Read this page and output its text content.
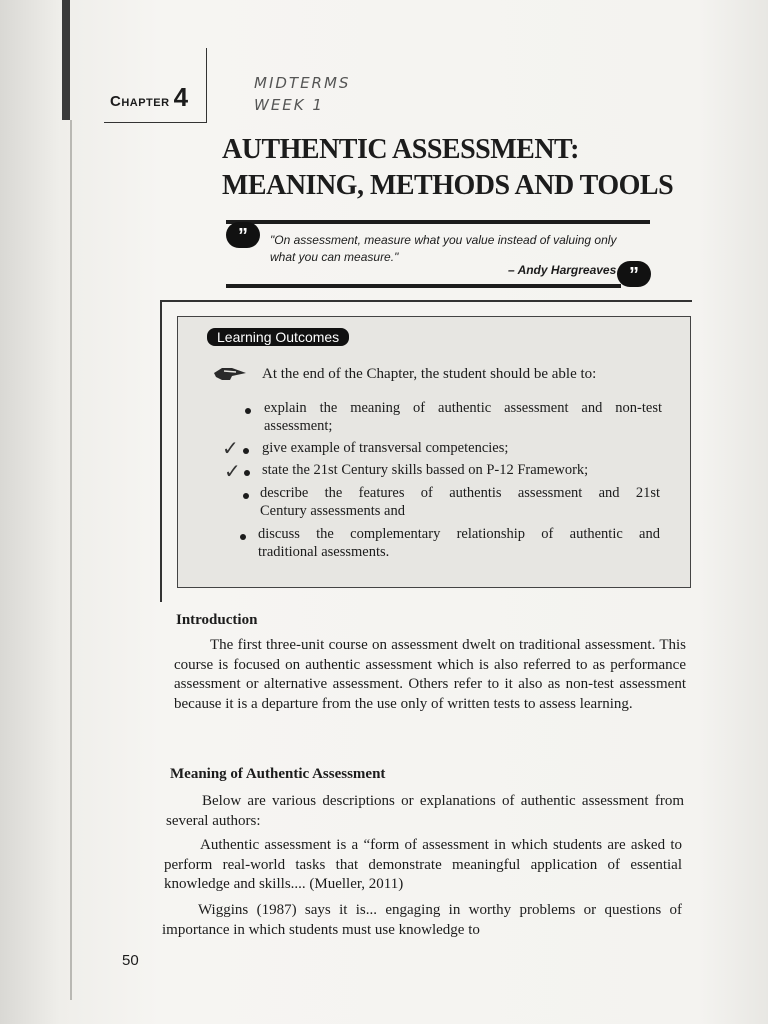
Chapter 4	MIDTERMS
WEEK 1
AUTHENTIC ASSESSMENT:
MEANING, METHODS AND TOOLS
”	"On assessment, measure what you value instead of valuing only what you can measure."
– Andy Hargreaves ”
Learning Outcomes
At the end of the Chapter, the student should be able to:
explain the meaning of authentic assessment and non-test
assessment;
✓ give example of transversal competencies;
✓ state the 21st Century skills bassed on P-12 Framework;
describe the features of authentis assessment and 21st
Century assessments and
discuss the complementary relationship of authentic and
traditional asessments.
Introduction
The first three-unit course on assessment dwelt on traditional assessment. This course is focused on authentic assessment which is also referred to as performance assessment or alternative assessment. Others refer to it also as non-test assessment because it is a departure from the use only of written tests to assess learning.
Meaning of Authentic Assessment
Below are various descriptions or explanations of authentic assessment from several authors:
Authentic assessment is a “form of assessment in which students are asked to perform real-world tasks that demonstrate meaningful application of essential knowledge and skills.... (Mueller, 2011)
Wiggins (1987) says it is... engaging in worthy problems or questions of importance in which students must use knowledge to
50
